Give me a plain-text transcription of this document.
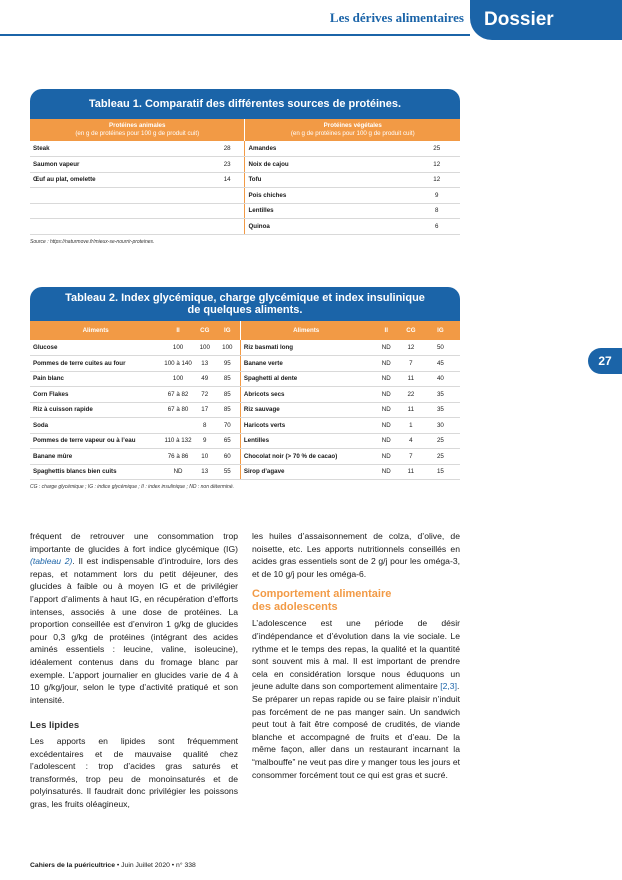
Les dérives alimentaires	Dossier
27
Tableau 1. Comparatif des différentes sources de protéines.
Protéines animales
(en g de protéines pour 100 g de produit cuit)		Protéines végétales
(en g de protéines pour 100 g de produit cuit)	
Steak	28	Amandes	25
Saumon vapeur	23	Noix de cajou	12
Œuf au plat, omelette	14	Tofu	12
		Pois chiches	9
		Lentilles	8
		Quinoa	6
Source : https://naturmove.fr/mieux-se-nourrir-proteines.
Tableau 2. Index glycémique, charge glycémique et index insulinique
de quelques aliments.
Aliments	II	CG	IG	Aliments	II	CG	IG
Glucose	100	100	100	Riz basmati long	ND	12	50
Pommes de terre cuites au four	100 à 140	13	95	Banane verte	ND	7	45
Pain blanc	100	49	85	Spaghetti al dente	ND	11	40
Corn Flakes	67 à 82	72	85	Abricots secs	ND	22	35
Riz à cuisson rapide	67 à 80	17	85	Riz sauvage	ND	11	35
Soda		8	70	Haricots verts	ND	1	30
Pommes de terre vapeur ou à l’eau	110 à 132	9	65	Lentilles	ND	4	25
Banane mûre	76 à 86	10	60	Chocolat noir (> 70 % de cacao)	ND	7	25
Spaghettis blancs bien cuits	ND	13	55	Sirop d’agave	ND	11	15
CG : charge glycémique ; IG : indice glycémique ; II : index insulinique ; ND : non déterminé.

fréquent de retrouver une consommation trop importante de glucides à fort indice glycémique (IG) (tableau 2). Il est indispensable d’introduire, lors des repas, et notamment lors du petit déjeuner, des glucides à faible ou à moyen IG et de privilégier l’apport d’aliments à haut IG, en récupération d’efforts intenses, associés à une dose de protéines. La proportion conseillée est d’environ 1 g/kg de glucides pour 0,3 g/kg de protéines (intégrant des acides aminés essentiels : leucine, valine, isoleucine), idéalement contenus dans du fromage blanc par exemple. L’apport journalier en glucides varie de 4 à 10 g/kg/jour, selon le type d’activité pratiqué et son intensité.

Les lipides

Les apports en lipides sont fréquemment excédentaires et de mauvaise qualité chez l’adolescent : trop d’acides gras saturés et transformés, trop peu de monoinsaturés et de polyinsaturés. Il faudrait donc privilégier les poissons gras, les fruits oléagineux,

les huiles d’assaisonnement de colza, d’olive, de noisette, etc. Les apports nutritionnels conseillés en acides gras essentiels sont de 2 g/j pour les oméga-3, et de 10 g/j pour les oméga-6.

Comportement alimentaire
des adolescents

L’adolescence est une période de désir d’indépendance et d’évolution dans la vie sociale. Le rythme et le temps des repas, la qualité et la quantité sont souvent mis à mal. Il est important de prendre cela en considération lorsque nous éduquons un jeune adulte dans son comportement alimentaire [2,3].

Se préparer un repas rapide ou se faire plaisir n’induit pas forcément de ne pas manger sain. Un sandwich peut tout à fait être composé de crudités, de viande blanche et accompagné de fruits et d’eau. De la même façon, aller dans un restaurant incarnant la “malbouffe” ne veut pas dire y manger tous les jours et consommer forcément tout ce qui est gras et sucré.

Cahiers de la puéricultrice • Juin Juillet 2020 • n° 338
